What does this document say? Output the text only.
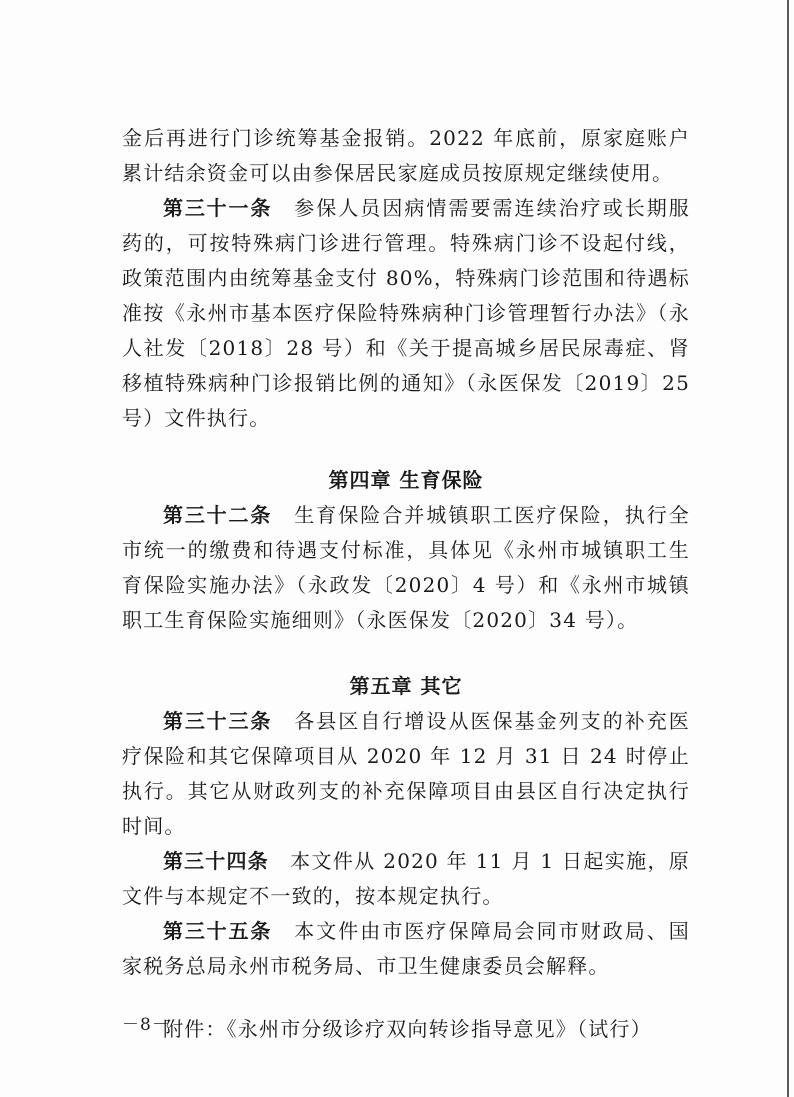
金后再进行门诊统筹基金报销。2022 年底前，原家庭账户累计结余资金可以由参保居民家庭成员按原规定继续使用。

第三十一条  参保人员因病情需要需连续治疗或长期服药的，可按特殊病门诊进行管理。特殊病门诊不设起付线，政策范围内由统筹基金支付 80%，特殊病门诊范围和待遇标准按《永州市基本医疗保险特殊病种门诊管理暂行办法》（永人社发〔2018〕28 号）和《关于提高城乡居民尿毒症、肾移植特殊病种门诊报销比例的通知》（永医保发〔2019〕25 号）文件执行。

第四章 生育保险

第三十二条  生育保险合并城镇职工医疗保险，执行全市统一的缴费和待遇支付标准，具体见《永州市城镇职工生育保险实施办法》（永政发〔2020〕4 号）和《永州市城镇职工生育保险实施细则》（永医保发〔2020〕34 号）。

第五章 其它

第三十三条  各县区自行增设从医保基金列支的补充医疗保险和其它保障项目从 2020 年 12 月 31 日 24 时停止执行。其它从财政列支的补充保障项目由县区自行决定执行时间。

第三十四条  本文件从 2020 年 11 月 1 日起实施，原文件与本规定不一致的，按本规定执行。

第三十五条  本文件由市医疗保障局会同市财政局、国家税务总局永州市税务局、市卫生健康委员会解释。

附件：《永州市分级诊疗双向转诊指导意见》（试行）

－8－
